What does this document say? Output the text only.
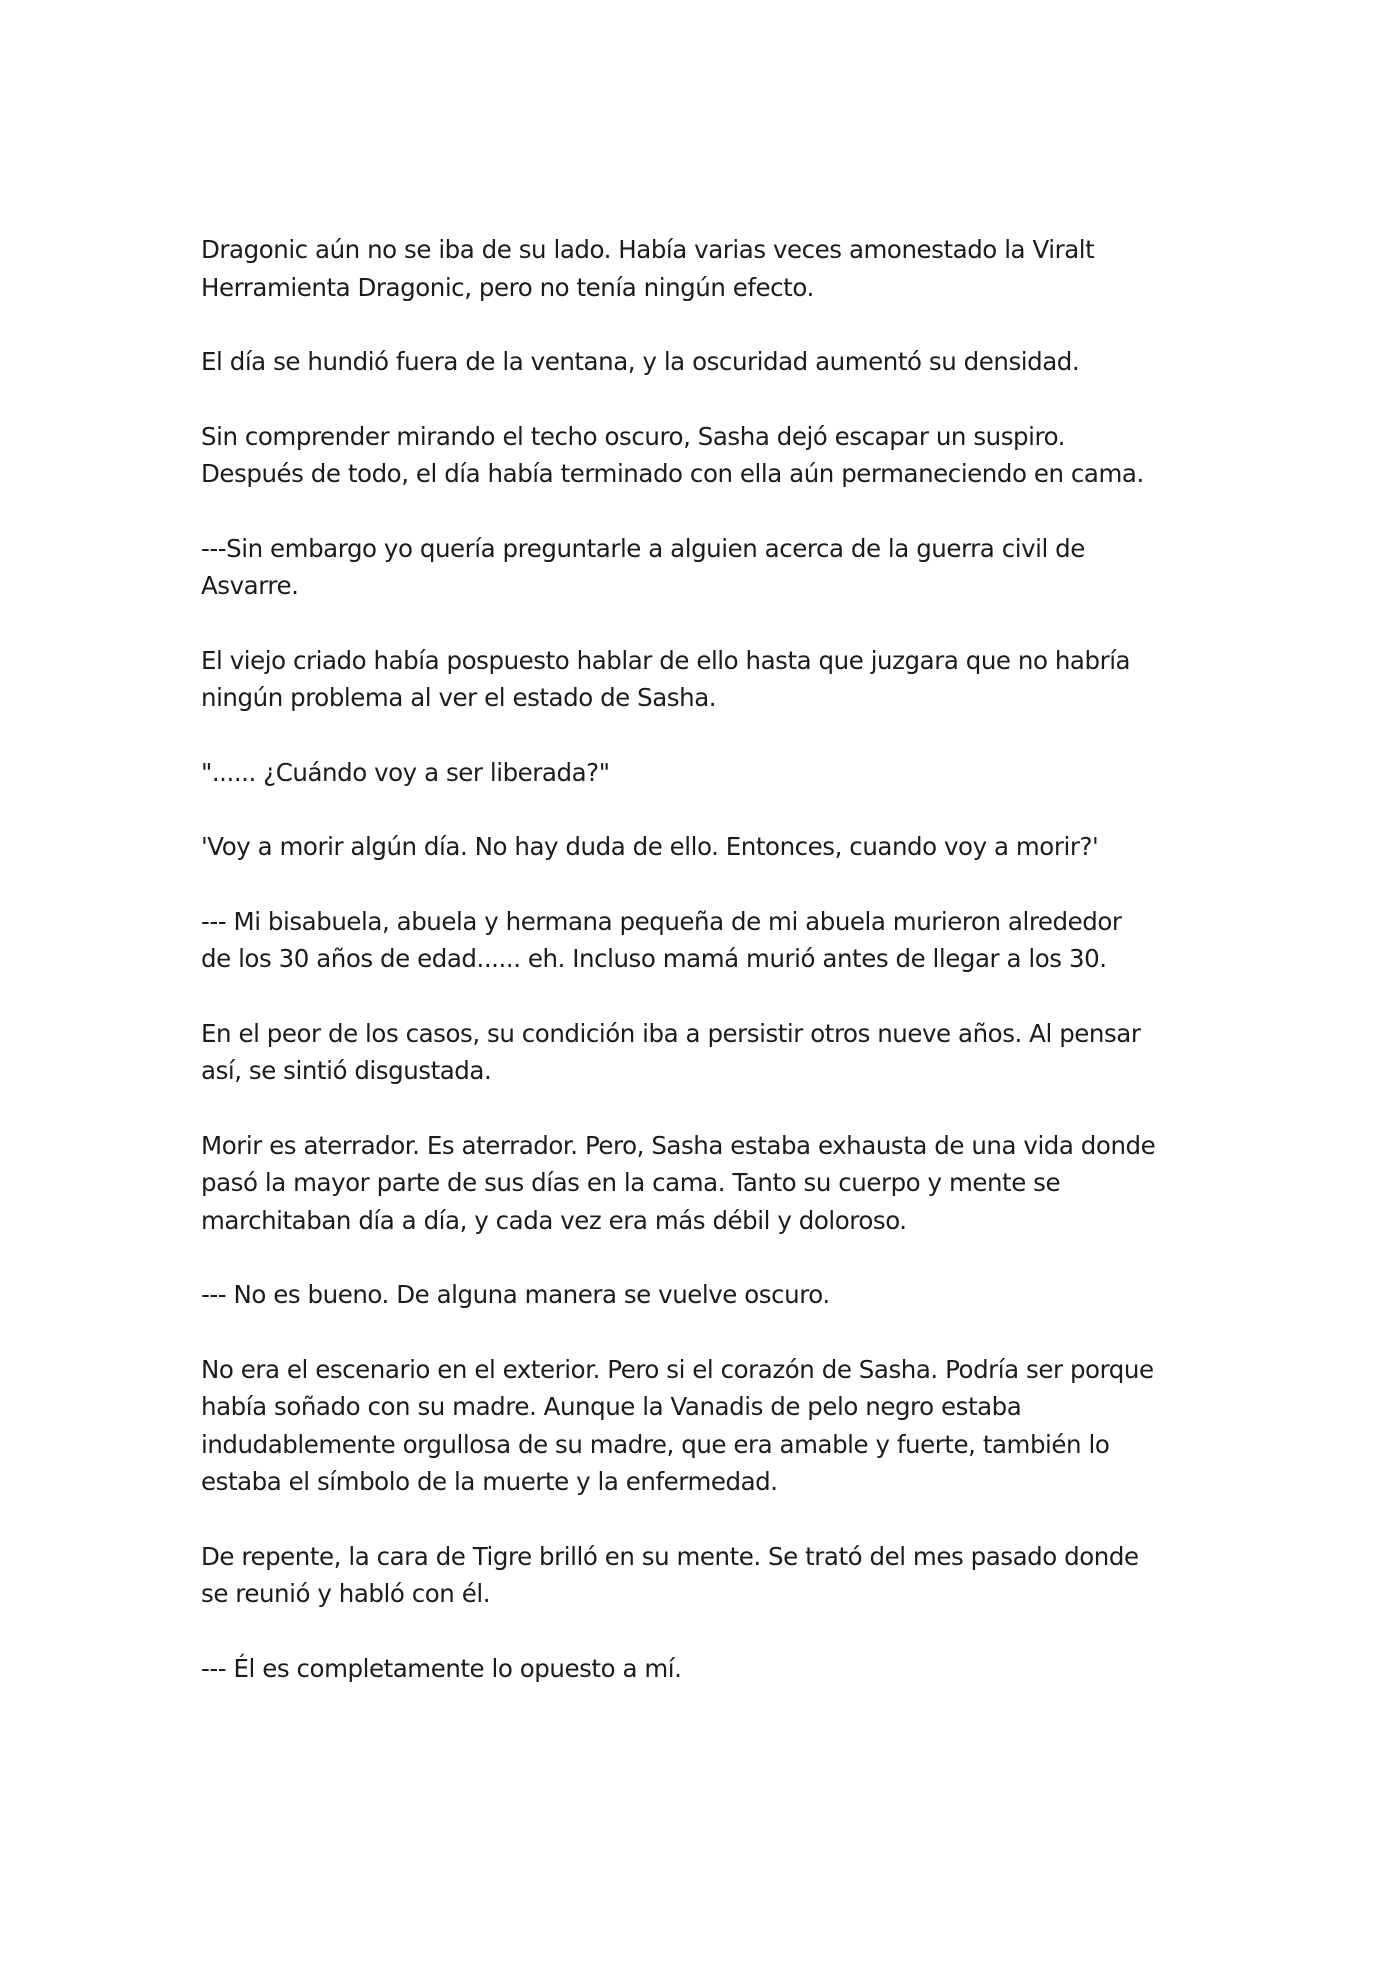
Dragonic aún no se iba de su lado. Había varias veces amonestado la Viralt
Herramienta Dragonic, pero no tenía ningún efecto.

El día se hundió fuera de la ventana, y la oscuridad aumentó su densidad.

Sin comprender mirando el techo oscuro, Sasha dejó escapar un suspiro.
Después de todo, el día había terminado con ella aún permaneciendo en cama.

---Sin embargo yo quería preguntarle a alguien acerca de la guerra civil de
Asvarre.

El viejo criado había pospuesto hablar de ello hasta que juzgara que no habría
ningún problema al ver el estado de Sasha.

"...... ¿Cuándo voy a ser liberada?"

'Voy a morir algún día. No hay duda de ello. Entonces, cuando voy a morir?'

--- Mi bisabuela, abuela y hermana pequeña de mi abuela murieron alrededor
de los 30 años de edad...... eh. Incluso mamá murió antes de llegar a los 30.

En el peor de los casos, su condición iba a persistir otros nueve años. Al pensar
así, se sintió disgustada.

Morir es aterrador. Es aterrador. Pero, Sasha estaba exhausta de una vida donde
pasó la mayor parte de sus días en la cama. Tanto su cuerpo y mente se
marchitaban día a día, y cada vez era más débil y doloroso.

--- No es bueno. De alguna manera se vuelve oscuro.

No era el escenario en el exterior. Pero si el corazón de Sasha. Podría ser porque
había soñado con su madre. Aunque la Vanadis de pelo negro estaba
indudablemente orgullosa de su madre, que era amable y fuerte, también lo
estaba el símbolo de la muerte y la enfermedad.

De repente, la cara de Tigre brilló en su mente. Se trató del mes pasado donde
se reunió y habló con él.

--- Él es completamente lo opuesto a mí.
